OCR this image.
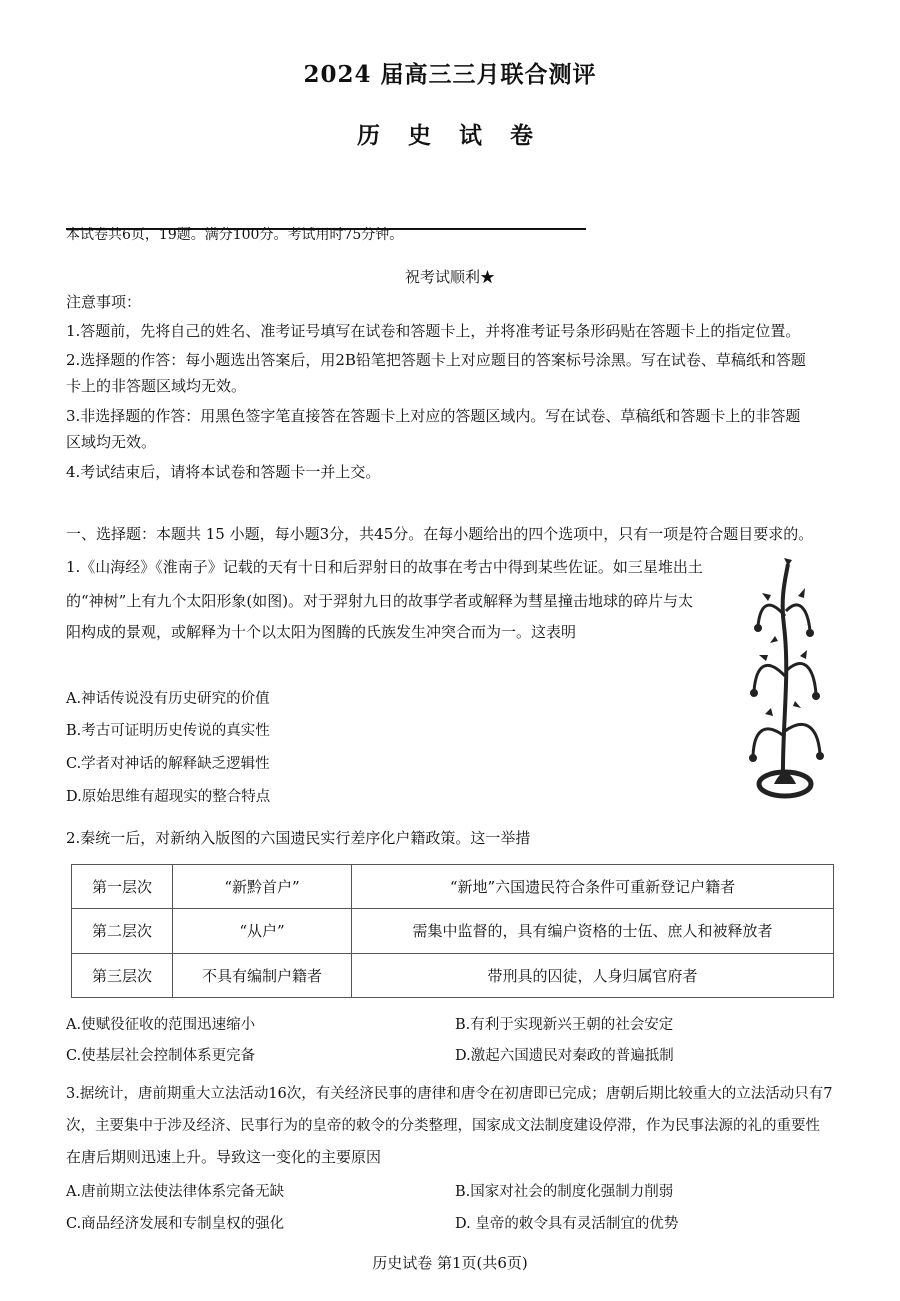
2024 届高三三月联合测评
历 史 试 卷
本试卷共6页，19题。满分100分。考试用时75分钟。
祝考试顺利★
注意事项：
1.答题前，先将自己的姓名、准考证号填写在试卷和答题卡上，并将准考证号条形码贴在答题卡上的指定位置。
2.选择题的作答：每小题选出答案后，用2B铅笔把答题卡上对应题目的答案标号涂黑。写在试卷、草稿纸和答题
卡上的非答题区域均无效。
3.非选择题的作答：用黑色签字笔直接答在答题卡上对应的答题区域内。写在试卷、草稿纸和答题卡上的非答题
区域均无效。
4.考试结束后，请将本试卷和答题卡一并上交。
一、选择题：本题共 15 小题，每小题3分，共45分。在每小题给出的四个选项中，只有一项是符合题目要求的。
1.《山海经》《淮南子》记载的天有十日和后羿射日的故事在考古中得到某些佐证。如三星堆出土
的“神树”上有九个太阳形象(如图)。对于羿射九日的故事学者或解释为彗星撞击地球的碎片与太
阳构成的景观，或解释为十个以太阳为图腾的氏族发生冲突合而为一。这表明
A.神话传说没有历史研究的价值
B.考古可证明历史传说的真实性
C.学者对神话的解释缺乏逻辑性
D.原始思维有超现实的整合特点
2.秦统一后，对新纳入版图的六国遗民实行差序化户籍政策。这一举措
第一层次	“新黔首户”	“新地”六国遗民符合条件可重新登记户籍者
第二层次	“从户”	需集中监督的，具有编户资格的士伍、庶人和被释放者
第三层次	不具有编制户籍者	带刑具的囚徒，人身归属官府者
A.使赋役征收的范围迅速缩小	B.有利于实现新兴王朝的社会安定
C.使基层社会控制体系更完备	D.激起六国遗民对秦政的普遍抵制
3.据统计，唐前期重大立法活动16次，有关经济民事的唐律和唐令在初唐即已完成；唐朝后期比较重大的立法活动只有7
次，主要集中于涉及经济、民事行为的皇帝的敕令的分类整理，国家成文法制度建设停滞，作为民事法源的礼的重要性
在唐后期则迅速上升。导致这一变化的主要原因
A.唐前期立法使法律体系完备无缺	B.国家对社会的制度化强制力削弱
C.商品经济发展和专制皇权的强化	D. 皇帝的敕令具有灵活制宜的优势
历史试卷 第1页(共6页)
